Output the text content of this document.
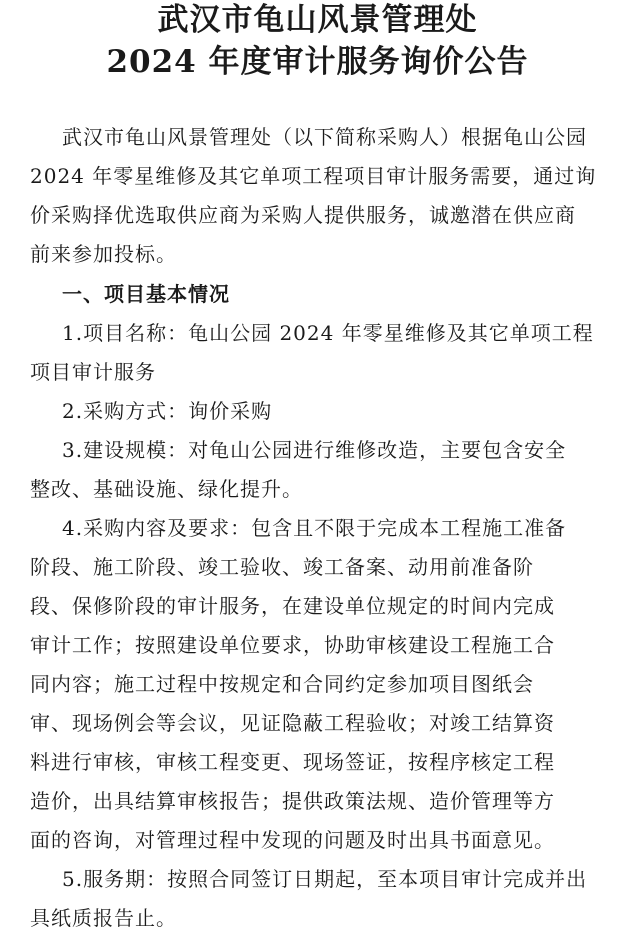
武汉市龟山风景管理处
2024 年度审计服务询价公告

武汉市龟山风景管理处（以下简称采购人）根据龟山公园

2024 年零星维修及其它单项工程项目审计服务需要，通过询

价采购择优选取供应商为采购人提供服务，诚邀潜在供应商

前来参加投标。

一、项目基本情况

1.项目名称：龟山公园 2024 年零星维修及其它单项工程

项目审计服务

2.采购方式：询价采购

3.建设规模：对龟山公园进行维修改造，主要包含安全

整改、基础设施、绿化提升。

4.采购内容及要求：包含且不限于完成本工程施工准备

阶段、施工阶段、竣工验收、竣工备案、动用前准备阶

段、保修阶段的审计服务，在建设单位规定的时间内完成

审计工作；按照建设单位要求，协助审核建设工程施工合

同内容；施工过程中按规定和合同约定参加项目图纸会

审、现场例会等会议，见证隐蔽工程验收；对竣工结算资

料进行审核，审核工程变更、现场签证，按程序核定工程

造价，出具结算审核报告；提供政策法规、造价管理等方

面的咨询，对管理过程中发现的问题及时出具书面意见。

5.服务期：按照合同签订日期起，至本项目审计完成并出

具纸质报告止。
